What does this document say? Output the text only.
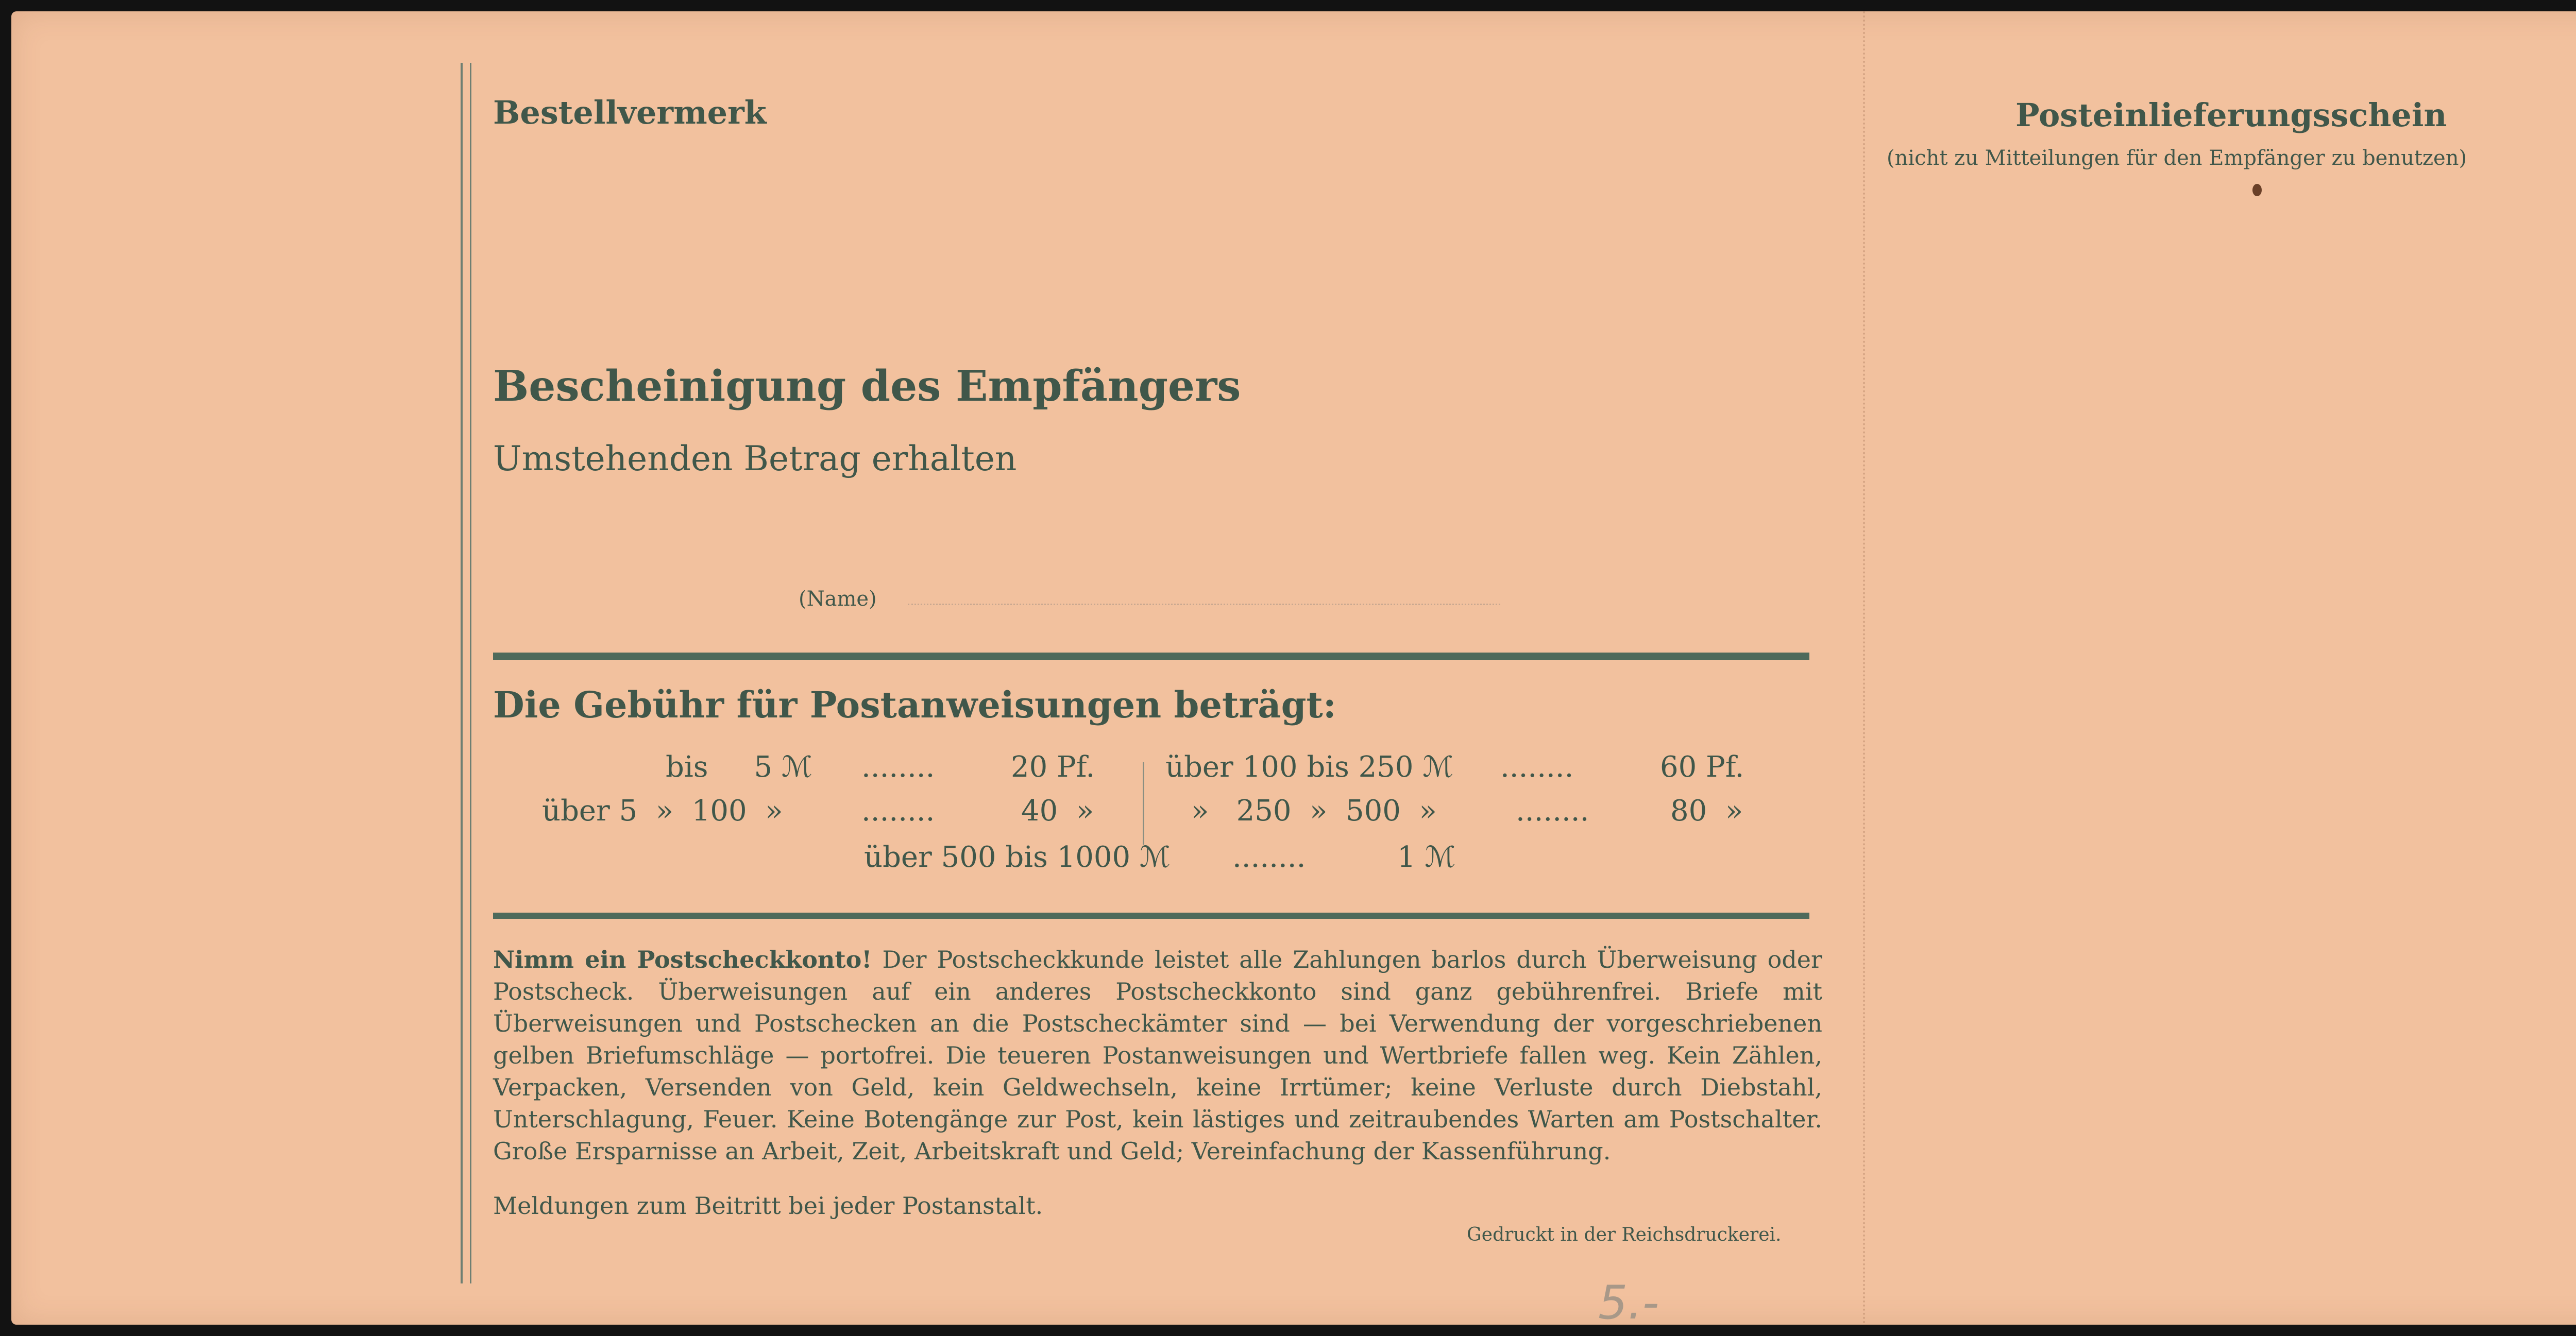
Bestellvermerk
Bescheinigung des Empfängers
Umstehenden Betrag erhalten
(Name)
Die Gebühr für Postanweisungen beträgt:
bis     5 ℳ ........	20 Pf.
über 5  »  100  »	........	40  »
über 100 bis 250 ℳ ........	60 Pf.
»   250  »  500  »	........	80  »
über 500 bis 1000 ℳ ........	1 ℳ
Nimm ein Postscheckkonto! Der Postscheckkunde leistet alle Zahlungen barlos durch Überweisung oder Postscheck. Überweisungen auf ein anderes Postscheckkonto sind ganz gebührenfrei. Briefe mit Überweisungen und Postschecken an die Postscheckämter sind — bei Verwendung der vorgeschriebenen gelben Briefumschläge — portofrei. Die teueren Postanweisungen und Wertbriefe fallen weg. Kein Zählen, Verpacken, Versenden von Geld, kein Geldwechseln, keine Irrtümer; keine Verluste durch Diebstahl, Unterschlagung, Feuer. Keine Botengänge zur Post, kein lästiges und zeitraubendes Warten am Postschalter. Große Ersparnisse an Arbeit, Zeit, Arbeitskraft und Geld; Vereinfachung der Kassenführung.
Meldungen zum Beitritt bei jeder Postanstalt.
Gedruckt in der Reichsdruckerei.
Posteinlieferungsschein
(nicht zu Mitteilungen für den Empfänger zu benutzen)
5.-
